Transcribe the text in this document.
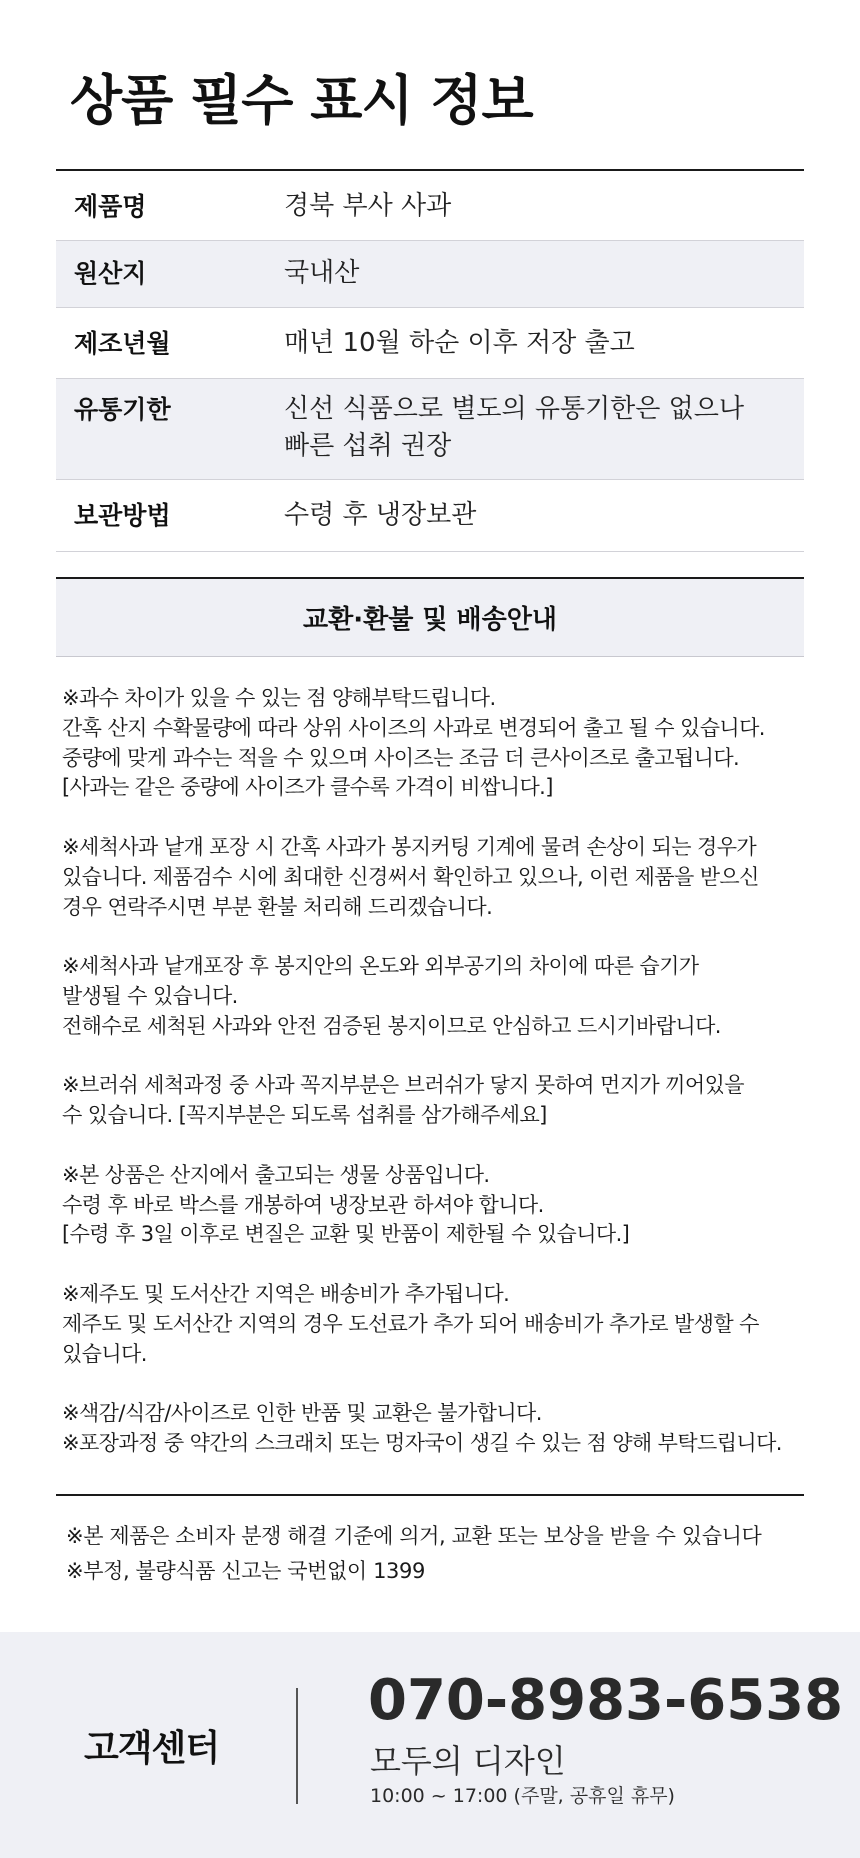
상품 필수 표시 정보
제품명	경북 부사 사과
원산지	국내산
제조년월	매년 10월 하순 이후 저장 출고
유통기한	신선 식품으로 별도의 유통기한은 없으나
빠른 섭취 권장
보관방법	수령 후 냉장보관
교환·환불 및 배송안내

※과수 차이가 있을 수 있는 점 양해부탁드립니다.
간혹 산지 수확물량에 따라 상위 사이즈의 사과로 변경되어 출고 될 수 있습니다.
중량에 맞게 과수는 적을 수 있으며 사이즈는 조금 더 큰사이즈로 출고됩니다.
[사과는 같은 중량에 사이즈가 클수록 가격이 비쌉니다.]

※세척사과 낱개 포장 시 간혹 사과가 봉지커팅 기계에 물려 손상이 되는 경우가
있습니다. 제품검수 시에 최대한 신경써서 확인하고 있으나, 이런 제품을 받으신
경우 연락주시면 부분 환불 처리해 드리겠습니다.

※세척사과 낱개포장 후 봉지안의 온도와 외부공기의 차이에 따른 습기가
발생될 수 있습니다.
전해수로 세척된 사과와 안전 검증된 봉지이므로 안심하고 드시기바랍니다.

※브러쉬 세척과정 중 사과 꼭지부분은 브러쉬가 닿지 못하여 먼지가 끼어있을
수 있습니다. [꼭지부분은 되도록 섭취를 삼가해주세요]

※본 상품은 산지에서 출고되는 생물 상품입니다.
수령 후 바로 박스를 개봉하여 냉장보관 하셔야 합니다.
[수령 후 3일 이후로 변질은 교환 및 반품이 제한될 수 있습니다.]

※제주도 및 도서산간 지역은 배송비가 추가됩니다.
제주도 및 도서산간 지역의 경우 도선료가 추가 되어 배송비가 추가로 발생할 수
있습니다.

※색감/식감/사이즈로 인한 반품 및 교환은 불가합니다.
※포장과정 중 약간의 스크래치 또는 멍자국이 생길 수 있는 점 양해 부탁드립니다.

※본 제품은 소비자 분쟁 해결 기준에 의거, 교환 또는 보상을 받을 수 있습니다
※부정, 불량식품 신고는 국번없이 1399
고객센터
070-8983-6538
모두의 디자인
10:00 ~ 17:00 (주말, 공휴일 휴무)
